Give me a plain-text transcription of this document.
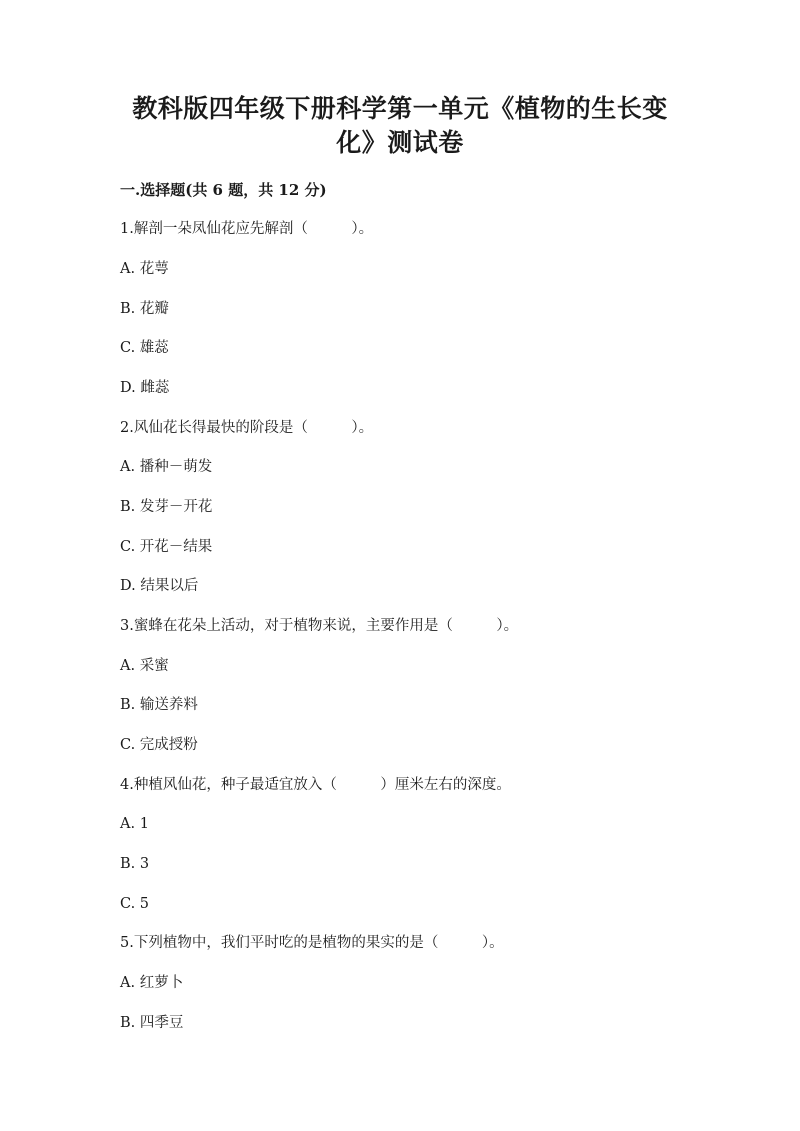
教科版四年级下册科学第一单元《植物的生长变
化》测试卷
一.选择题(共 6 题，共 12 分)
1.解剖一朵凤仙花应先解剖（　　　）。
A. 花萼
B. 花瓣
C. 雄蕊
D. 雌蕊
2.风仙花长得最快的阶段是（　　　）。
A. 播种－萌发
B. 发芽－开花
C. 开花－结果
D. 结果以后
3.蜜蜂在花朵上活动，对于植物来说，主要作用是（　　　）。
A. 采蜜
B. 输送养料
C. 完成授粉
4.种植风仙花，种子最适宜放入（　　　）厘米左右的深度。
A. 1
B. 3
C. 5
5.下列植物中，我们平时吃的是植物的果实的是（　　　）。
A. 红萝卜
B. 四季豆
